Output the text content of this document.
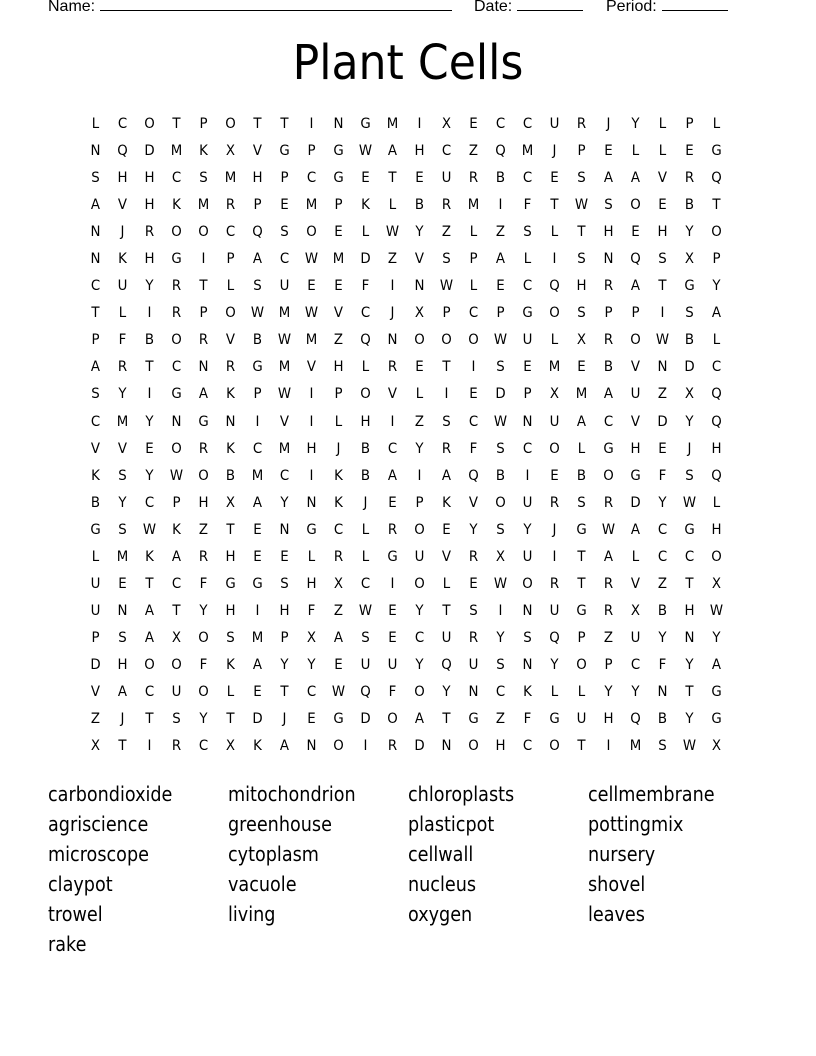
Name:	Date:	Period:
Plant Cells
L	C	O	T	P	O	T	T	I	N	G	M	I	X	E	C	C	U	R	J	Y	L	P	L
N	Q	D	M	K	X	V	G	P	G	W	A	H	C	Z	Q	M	J	P	E	L	L	E	G
S	H	H	C	S	M	H	P	C	G	E	T	E	U	R	B	C	E	S	A	A	V	R	Q
A	V	H	K	M	R	P	E	M	P	K	L	B	R	M	I	F	T	W	S	O	E	B	T
N	J	R	O	O	C	Q	S	O	E	L	W	Y	Z	L	Z	S	L	T	H	E	H	Y	O
N	K	H	G	I	P	A	C	W	M	D	Z	V	S	P	A	L	I	S	N	Q	S	X	P
C	U	Y	R	T	L	S	U	E	E	F	I	N	W	L	E	C	Q	H	R	A	T	G	Y
T	L	I	R	P	O	W	M	W	V	C	J	X	P	C	P	G	O	S	P	P	I	S	A
P	F	B	O	R	V	B	W	M	Z	Q	N	O	O	O	W	U	L	X	R	O	W	B	L
A	R	T	C	N	R	G	M	V	H	L	R	E	T	I	S	E	M	E	B	V	N	D	C
S	Y	I	G	A	K	P	W	I	P	O	V	L	I	E	D	P	X	M	A	U	Z	X	Q
C	M	Y	N	G	N	I	V	I	L	H	I	Z	S	C	W	N	U	A	C	V	D	Y	Q
V	V	E	O	R	K	C	M	H	J	B	C	Y	R	F	S	C	O	L	G	H	E	J	H
K	S	Y	W	O	B	M	C	I	K	B	A	I	A	Q	B	I	E	B	O	G	F	S	Q
B	Y	C	P	H	X	A	Y	N	K	J	E	P	K	V	O	U	R	S	R	D	Y	W	L
G	S	W	K	Z	T	E	N	G	C	L	R	O	E	Y	S	Y	J	G	W	A	C	G	H
L	M	K	A	R	H	E	E	L	R	L	G	U	V	R	X	U	I	T	A	L	C	C	O
U	E	T	C	F	G	G	S	H	X	C	I	O	L	E	W	O	R	T	R	V	Z	T	X
U	N	A	T	Y	H	I	H	F	Z	W	E	Y	T	S	I	N	U	G	R	X	B	H	W
P	S	A	X	O	S	M	P	X	A	S	E	C	U	R	Y	S	Q	P	Z	U	Y	N	Y
D	H	O	O	F	K	A	Y	Y	E	U	U	Y	Q	U	S	N	Y	O	P	C	F	Y	A
V	A	C	U	O	L	E	T	C	W	Q	F	O	Y	N	C	K	L	L	Y	Y	N	T	G
Z	J	T	S	Y	T	D	J	E	G	D	O	A	T	G	Z	F	G	U	H	Q	B	Y	G
X	T	I	R	C	X	K	A	N	O	I	R	D	N	O	H	C	O	T	I	M	S	W	X
carbondioxide	mitochondrion	chloroplasts	cellmembrane
agriscience	greenhouse	plasticpot	pottingmix
microscope	cytoplasm	cellwall	nursery
claypot	vacuole	nucleus	shovel
trowel	living	oxygen	leaves
rake
